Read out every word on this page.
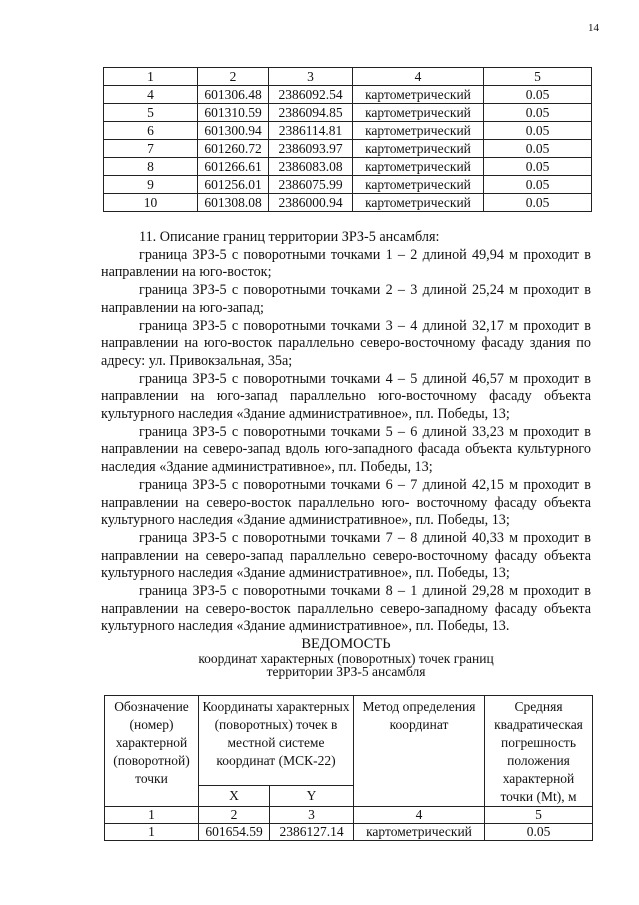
14
1	2	3	4	5
4	601306.48	2386092.54	картометрический	0.05
5	601310.59	2386094.85	картометрический	0.05
6	601300.94	2386114.81	картометрический	0.05
7	601260.72	2386093.97	картометрический	0.05
8	601266.61	2386083.08	картометрический	0.05
9	601256.01	2386075.99	картометрический	0.05
10	601308.08	2386000.94	картометрический	0.05

11. Описание границ территории ЗРЗ-5 ансамбля:

граница ЗРЗ-5 с поворотными точками 1 – 2 длиной 49,94 м проходит в направлении на юго-восток;

граница ЗРЗ-5 с поворотными точками 2 – 3 длиной 25,24 м проходит в направлении на юго-запад;

граница ЗРЗ-5 с поворотными точками 3 – 4 длиной 32,17 м проходит в направлении на юго-восток параллельно северо-восточному фасаду здания по адресу: ул. Привокзальная, 35а;

граница ЗРЗ-5 с поворотными точками 4 – 5 длиной 46,57 м проходит в направлении на юго-запад параллельно юго-восточному фасаду объекта культурного наследия «Здание административное», пл. Победы, 13;

граница ЗРЗ-5 с поворотными точками 5 – 6 длиной 33,23 м проходит в направлении на северо-запад вдоль юго-западного фасада объекта культурного наследия «Здание административное», пл. Победы, 13;

граница ЗРЗ-5 с поворотными точками 6 – 7 длиной 42,15 м проходит в направлении на северо-восток параллельно юго- восточному фасаду объекта культурного наследия «Здание административное», пл. Победы, 13;

граница ЗРЗ-5 с поворотными точками 7 – 8 длиной 40,33 м проходит в направлении на северо-запад параллельно северо-восточному фасаду объекта культурного наследия «Здание административное», пл. Победы, 13;

граница ЗРЗ-5 с поворотными точками 8 – 1 длиной 29,28 м проходит в направлении на северо-восток параллельно северо-западному фасаду объекта культурного наследия «Здание административное», пл. Победы, 13.

ВЕДОМОСТЬ
координат характерных (поворотных) точек границ
территории ЗРЗ-5 ансамбля
Обозначение (номер) характерной (поворотной) точки	Координаты характерных (поворотных) точек в местной системе координат (МСК-22)		Метод определения координат	Средняя квадратическая погрешность положения характерной точки (Mt), м
	X	Y		
1	2	3	4	5
1	601654.59	2386127.14	картометрический	0.05
